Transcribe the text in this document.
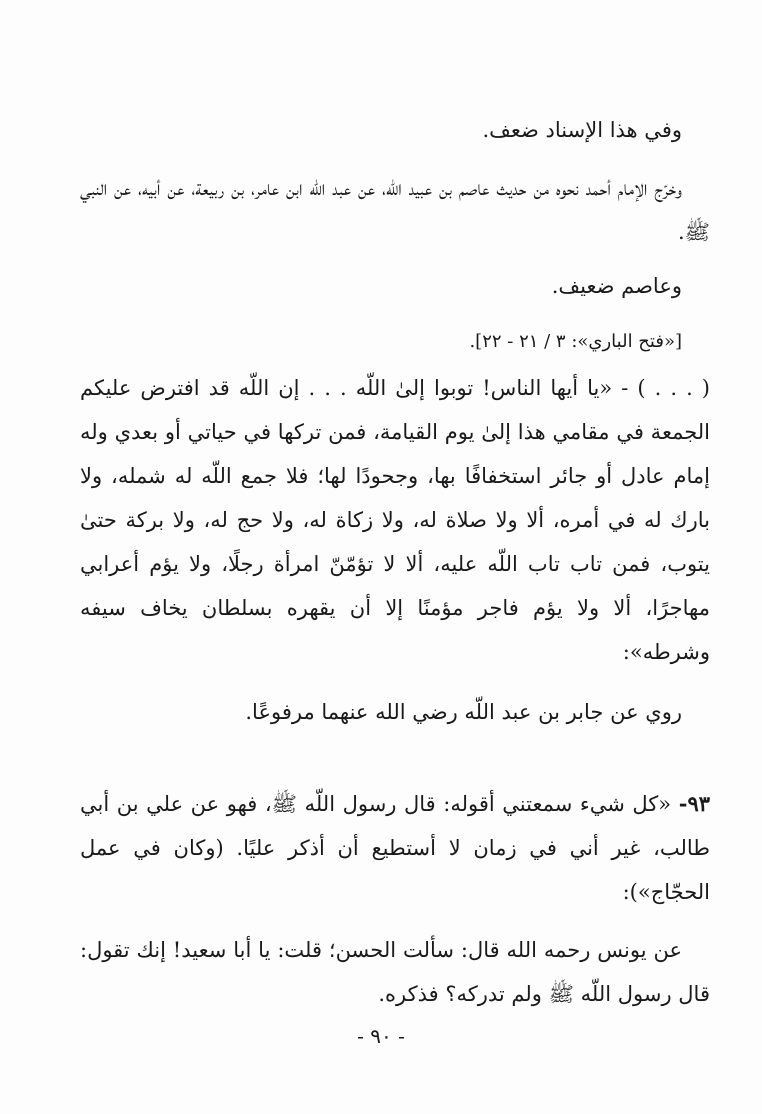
وفي هذا الإسناد ضعف.

وخرّج الإمام أحمد نحوه من حديث عاصم بن عبيد اللّه، عن عبد اللّه ابن عامر، بن ربيعة، عن أبيه، عن النبي ﷺ.

وعاصم ضعيف.

[«فتح الباري»: ٣ / ٢١ - ٢٢].

( . . . ) - «يا أيها الناس! توبوا إلىٰ اللّه . . . إن اللّه قد افترض عليكم الجمعة في مقامي هذا إلىٰ يوم القيامة، فمن تركها في حياتي أو بعدي وله إمام عادل أو جائر استخفافًا بها، وجحودًا لها؛ فلا جمع اللّه له شمله، ولا بارك له في أمره، ألا ولا صلاة له، ولا زكاة له، ولا حج له، ولا بركة حتىٰ يتوب، فمن تاب تاب اللّه عليه، ألا لا تؤمّنّ امرأة رجلًا، ولا يؤم أعرابي مهاجرًا، ألا ولا يؤم فاجر مؤمنًا إلا أن يقهره بسلطان يخاف سيفه وشرطه»:

روي عن جابر بن عبد اللّه رضي الله عنهما مرفوعًا.

٩٣- «كل شيء سمعتني أقوله: قال رسول اللّه ﷺ، فهو عن علي بن أبي طالب، غير أني في زمان لا أستطيع أن أذكر عليًا. (وكان في عمل الحجّاج»):

عن يونس رحمه الله قال: سألت الحسن؛ قلت: يا أبا سعيد! إنك تقول: قال رسول اللّه ﷺ ولم تدركه؟ فذكره.

- ٩٠ -
